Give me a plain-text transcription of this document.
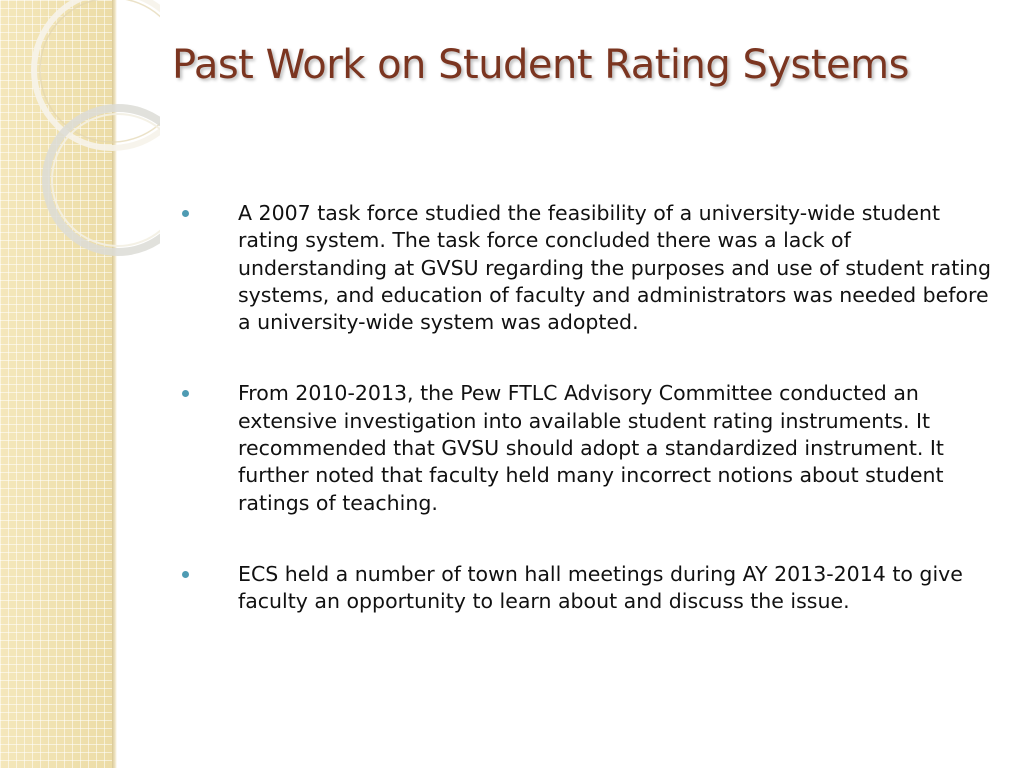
Past Work on Student Rating Systems
A 2007 task force studied the feasibility of a university-wide student rating system. The task force concluded there was a lack of understanding at GVSU regarding the purposes and use of student rating systems, and education of faculty and administrators was needed before a university-wide system was adopted.
From 2010-2013, the Pew FTLC Advisory Committee conducted an extensive investigation into available student rating instruments. It recommended that GVSU should adopt a standardized instrument. It further noted that faculty held many incorrect notions about student ratings of teaching.
ECS held a number of town hall meetings during AY 2013-2014 to give faculty an opportunity to learn about and discuss the issue.
